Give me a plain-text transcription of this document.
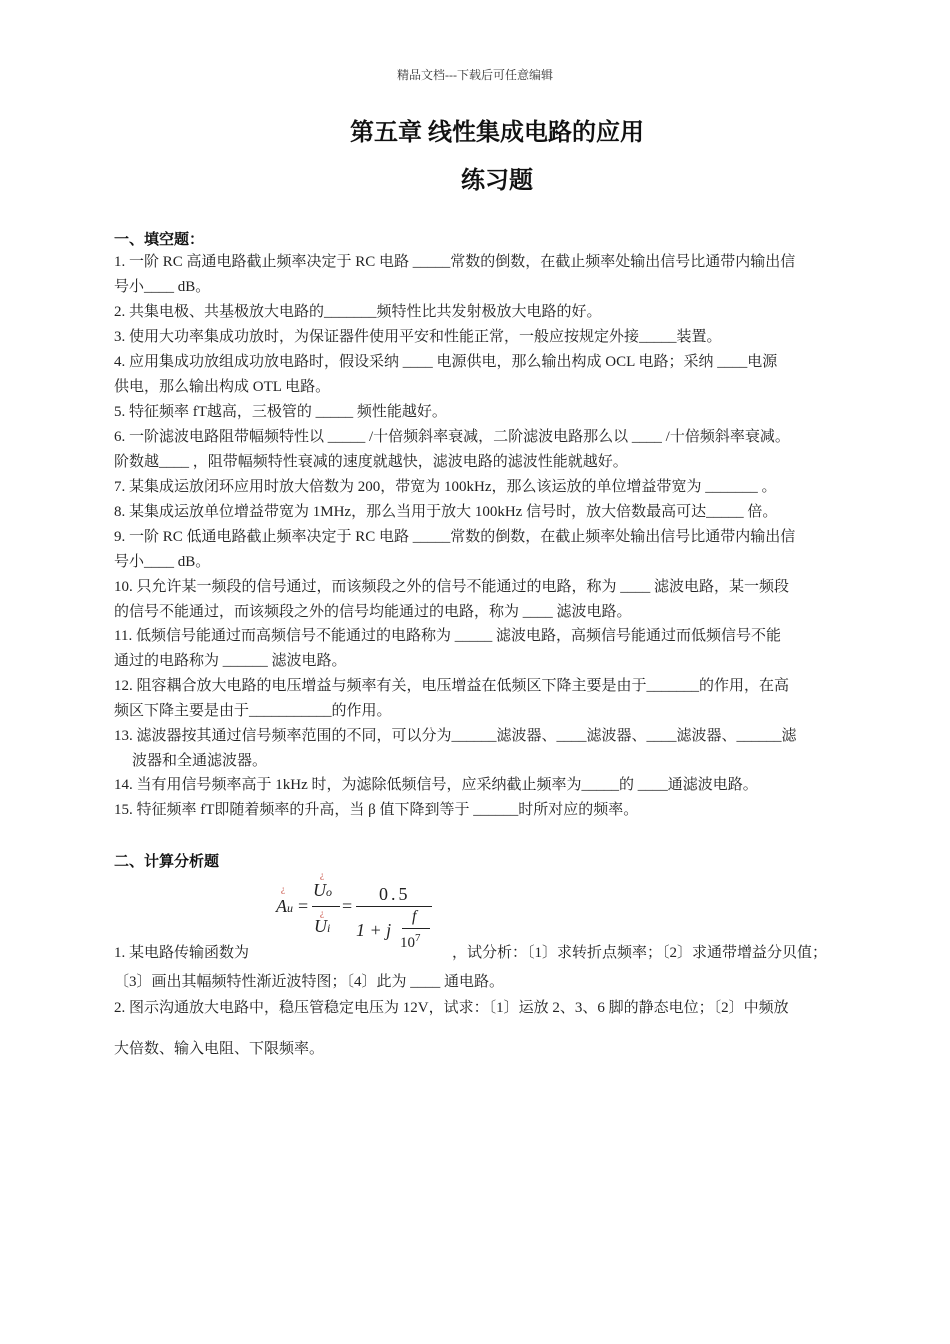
精品文档---下载后可任意编辑
第五章 线性集成电路的应用
练习题
一、填空题：
1. 一阶 RC 高通电路截止频率决定于 RC 电路 _____常数的倒数，在截止频率处输出信号比通带内输出信
号小____ dB。
2. 共集电极、共基极放大电路的_______频特性比共发射极放大电路的好。
3. 使用大功率集成功放时，为保证器件使用平安和性能正常，一般应按规定外接_____装置。
4. 应用集成功放组成功放电路时，假设采纳 ____ 电源供电，那么输出构成 OCL 电路；采纳 ____电源
供电，那么输出构成 OTL 电路。
5. 特征频率 fT越高，三极管的 _____ 频性能越好。
6. 一阶滤波电路阻带幅频特性以 _____ /十倍频斜率衰减，二阶滤波电路那么以 ____ /十倍频斜率衰减。
阶数越____ ，阻带幅频特性衰减的速度就越快，滤波电路的滤波性能就越好。
7. 某集成运放闭环应用时放大倍数为 200，带宽为 100kHz，那么该运放的单位增益带宽为 _______ 。
8. 某集成运放单位增益带宽为 1MHz，那么当用于放大 100kHz 信号时，放大倍数最高可达_____ 倍。
9. 一阶 RC 低通电路截止频率决定于 RC 电路 _____常数的倒数，在截止频率处输出信号比通带内输出信
号小____ dB。
10. 只允许某一频段的信号通过，而该频段之外的信号不能通过的电路，称为 ____ 滤波电路，某一频段
的信号不能通过，而该频段之外的信号均能通过的电路，称为 ____ 滤波电路。
11. 低频信号能通过而高频信号不能通过的电路称为 _____ 滤波电路，高频信号能通过而低频信号不能
通过的电路称为 ______ 滤波电路。
12. 阻容耦合放大电路的电压增益与频率有关，电压增益在低频区下降主要是由于_______的作用，在高
频区下降主要是由于___________的作用。
13. 滤波器按其通过信号频率范围的不同，可以分为______滤波器、____滤波器、____滤波器、______滤
波器和全通滤波器。
14. 当有用信号频率高于 1kHz 时，为滤除低频信号，应采纳截止频率为_____的 ____通滤波电路。
15. 特征频率 fT即随着频率的升高，当 β 值下降到等于 ______时所对应的频率。
二、计算分析题
¿
Au =
¿
Uo
¿
Ui
=
0.5
1 + j
f
$10^7$
1. 某电路传输函数为	，试分析：〔1〕求转折点频率；〔2〕求通带增益分贝值；
〔3〕画出其幅频特性渐近波特图；〔4〕此为 ____ 通电路。
2. 图示沟通放大电路中，稳压管稳定电压为 12V，试求：〔1〕运放 2、3、6 脚的静态电位；〔2〕中频放
大倍数、输入电阻、下限频率。
